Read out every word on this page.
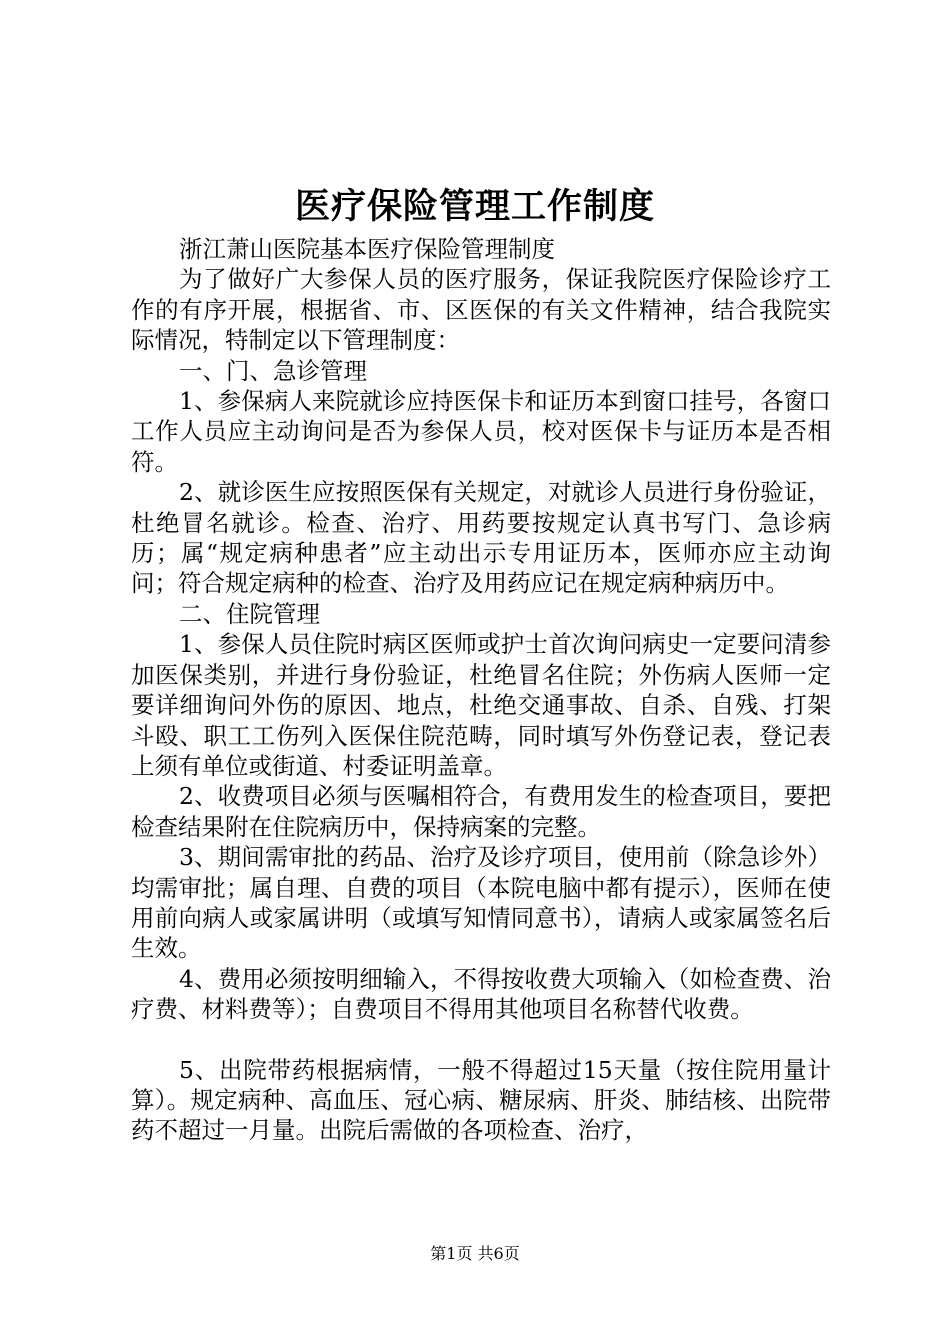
医疗保险管理工作制度

浙江萧山医院基本医疗保险管理制度

为了做好广大参保人员的医疗服务，保证我院医疗保险诊疗工作的有序开展，根据省、市、区医保的有关文件精神，结合我院实际情况，特制定以下管理制度：

一、门、急诊管理

1、参保病人来院就诊应持医保卡和证历本到窗口挂号，各窗口工作人员应主动询问是否为参保人员，校对医保卡与证历本是否相符。

2、就诊医生应按照医保有关规定，对就诊人员进行身份验证，杜绝冒名就诊。检查、治疗、用药要按规定认真书写门、急诊病历；属“规定病种患者”应主动出示专用证历本，医师亦应主动询问；符合规定病种的检查、治疗及用药应记在规定病种病历中。

二、住院管理

1、参保人员住院时病区医师或护士首次询问病史一定要问清参加医保类别，并进行身份验证，杜绝冒名住院；外伤病人医师一定要详细询问外伤的原因、地点，杜绝交通事故、自杀、自残、打架斗殴、职工工伤列入医保住院范畴，同时填写外伤登记表，登记表上须有单位或街道、村委证明盖章。

2、收费项目必须与医嘱相符合，有费用发生的检查项目，要把检查结果附在住院病历中，保持病案的完整。

3、期间需审批的药品、治疗及诊疗项目，使用前（除急诊外）均需审批；属自理、自费的项目（本院电脑中都有提示），医师在使用前向病人或家属讲明（或填写知情同意书），请病人或家属签名后生效。

4、费用必须按明细输入，不得按收费大项输入（如检查费、治疗费、材料费等）；自费项目不得用其他项目名称替代收费。

5、出院带药根据病情，一般不得超过15天量（按住院用量计算）。规定病种、高血压、冠心病、糖尿病、肝炎、肺结核、出院带药不超过一月量。出院后需做的各项检查、治疗，

第1页 共6页
